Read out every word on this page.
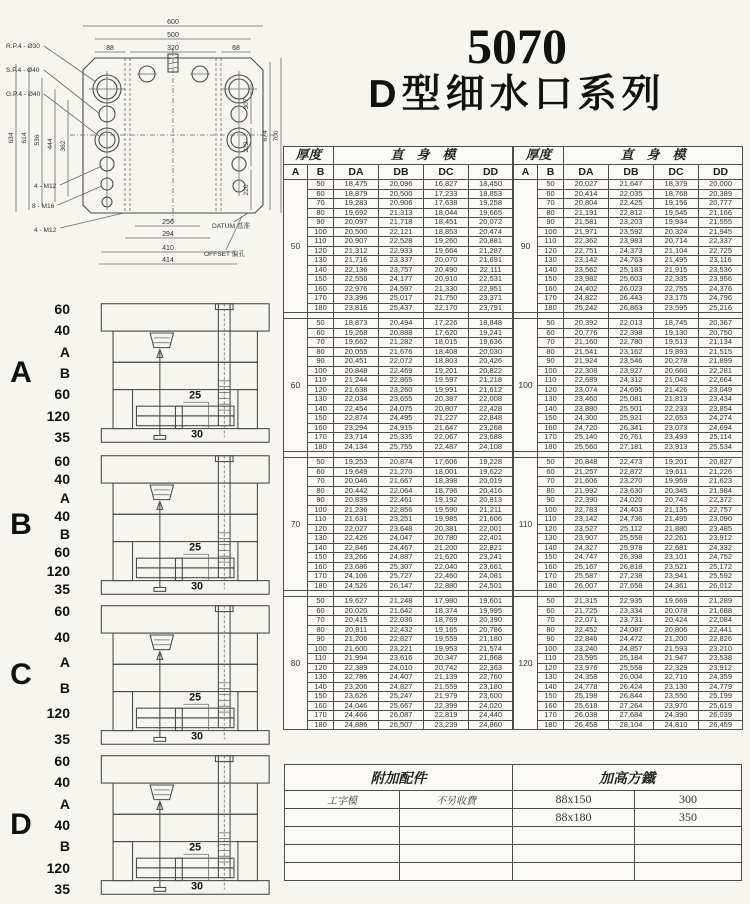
5070
D型细水口系列
600
500
88	320	68
634 614 536 444 362
307
222
220
674 700
256
294
410
414
R.P.4 - Ø30
S.P.4 - Ø40
G.P.4 - Ø40
4 - M12
8 - M16
4 - M12
DATUM 基准
OFFSET 偏孔
厚度		直　身　模			
A	B	DA	DB	DC	DD
50	50	18,475	20,096	16,827	18,450
	60	18,879	20,500	17,233	18,853
	70	19,283	20,906	17,638	19,258
	80	19,692	21,313	18,044	19,665
	90	20,097	21,718	18,451	20,072
	100	20,500	22,121	18,853	20,474
	110	20,907	22,528	19,260	20,881
	120	21,312	22,933	19,664	21,287
	130	21,716	23,337	20,070	21,691
	140	22,136	23,757	20,490	22,111
	150	22,556	24,177	20,910	22,531
	160	22,976	24,597	21,330	22,951
	170	23,396	25,017	21,750	23,371
	180	23,816	25,437	22,170	23,791

60	50	18,873	20,494	17,226	18,848
	60	19,268	20,888	17,620	19,241
	70	19,662	21,282	18,015	19,636
	80	20,055	21,676	18,408	20,030
	90	20,451	22,072	18,803	20,426
	100	20,848	22,469	19,201	20,822
	110	21,244	22,865	19,597	21,218
	120	21,638	23,260	19,991	21,612
	130	22,034	23,655	20,387	22,008
	140	22,454	24,075	20,807	22,428
	150	22,874	24,495	21,227	22,848
	160	23,294	24,915	21,647	23,268
	170	23,714	25,335	22,067	23,688
	180	24,134	25,755	22,487	24,108

70	50	19,253	20,874	17,606	19,228
	60	19,649	21,270	18,001	19,622
	70	20,046	21,667	18,398	20,019
	80	20,442	22,064	18,796	20,416
	90	20,839	22,461	19,192	20,813
	100	21,236	22,856	19,590	21,211
	110	21,631	23,251	19,985	21,606
	120	22,027	23,648	20,381	22,001
	130	22,426	24,047	20,780	22,401
	140	22,846	24,467	21,200	22,821
	150	23,266	24,887	21,620	23,241
	160	23,686	25,307	22,040	23,661
	170	24,106	25,727	22,460	24,081
	180	24,526	26,147	22,880	24,501

80	50	19,627	21,248	17,980	19,601
	60	20,020	21,642	18,374	19,995
	70	20,415	22,036	18,769	20,390
	80	20,811	22,432	19,165	20,786
	90	21,206	22,827	19,559	21,180
	100	21,600	23,221	19,953	21,574
	110	21,994	23,616	20,347	21,968
	120	22,389	24,010	20,742	22,363
	130	22,786	24,407	21,139	22,760
	140	23,206	24,827	21,559	23,180
	150	23,626	25,247	21,979	23,600
	160	24,046	25,667	22,399	24,020
	170	24,466	26,087	22,819	24,440
	180	24,886	26,507	23,239	24,860
厚度		直　身　模			
A	B	DA	DB	DC	DD
90	50	20,027	21,647	18,379	20,000
	60	20,414	22,035	18,768	20,389
	70	20,804	22,425	19,156	20,777
	80	21,191	22,812	19,545	21,166
	90	21,581	23,203	19,934	21,555
	100	21,971	23,592	20,324	21,945
	110	22,362	23,983	20,714	22,337
	120	22,751	24,373	21,104	22,725
	130	23,142	24,763	21,495	23,116
	140	23,562	25,183	21,915	23,536
	150	23,982	25,603	22,335	23,956
	160	24,402	26,023	22,755	24,376
	170	24,822	26,443	23,175	24,796
	180	25,242	26,863	23,595	25,216

100	50	20,392	22,013	18,745	20,367
	60	20,776	22,398	19,130	20,750
	70	21,160	22,780	19,513	21,134
	80	21,541	23,162	19,893	21,515
	90	21,924	23,546	20,278	21,899
	100	22,308	23,927	20,660	22,281
	110	22,689	24,312	21,043	22,664
	120	23,074	24,695	21,426	23,049
	130	23,460	25,081	21,813	23,434
	140	23,880	25,501	22,233	23,854
	150	24,300	25,921	22,653	24,274
	160	24,720	26,341	23,073	24,694
	170	25,140	26,761	23,493	25,114
	180	25,560	27,181	23,913	25,534

110	50	20,848	22,473	19,201	20,827
	60	21,257	22,872	19,611	21,226
	70	21,606	23,270	19,959	21,623
	80	21,992	23,630	20,345	21,984
	90	22,390	24,020	20,743	22,372
	100	22,783	24,403	21,135	22,757
	110	23,142	24,736	21,495	23,090
	120	23,527	25,112	21,880	23,485
	130	23,907	25,558	22,261	23,912
	140	24,327	25,978	22,681	24,332
	150	24,747	26,398	23,101	24,752
	160	25,167	26,818	23,521	25,172
	170	25,587	27,238	23,941	25,592
	180	26,007	27,658	24,361	26,012

120	50	21,315	22,935	19,669	21,289
	60	21,725	23,334	20,078	21,688
	70	22,071	23,731	20,424	22,084
	80	22,452	24,087	20,806	22,441
	90	22,846	24,472	21,200	22,826
	100	23,240	24,857	21,593	23,210
	110	23,595	25,184	21,947	23,538
	120	23,976	25,558	22,329	23,912
	130	24,358	26,004	22,710	24,359
	140	24,778	26,424	23,130	24,779
	150	25,198	26,844	23,550	25,199
	160	25,618	27,264	23,970	25,619
	170	26,038	27,684	24,390	26,039
	180	26,458	28,104	24,810	26,459
A
60
40
A
B
60
120
35
25
30
B
60
40
A
40
B
60
120
35
25
30
C
60
40
A
B
120
35
25
30
D
60
40
A
40
B
120
35
25
30
附加配件		加高方鐵	
工字模	不另收費	88x150	300
		88x180	350
